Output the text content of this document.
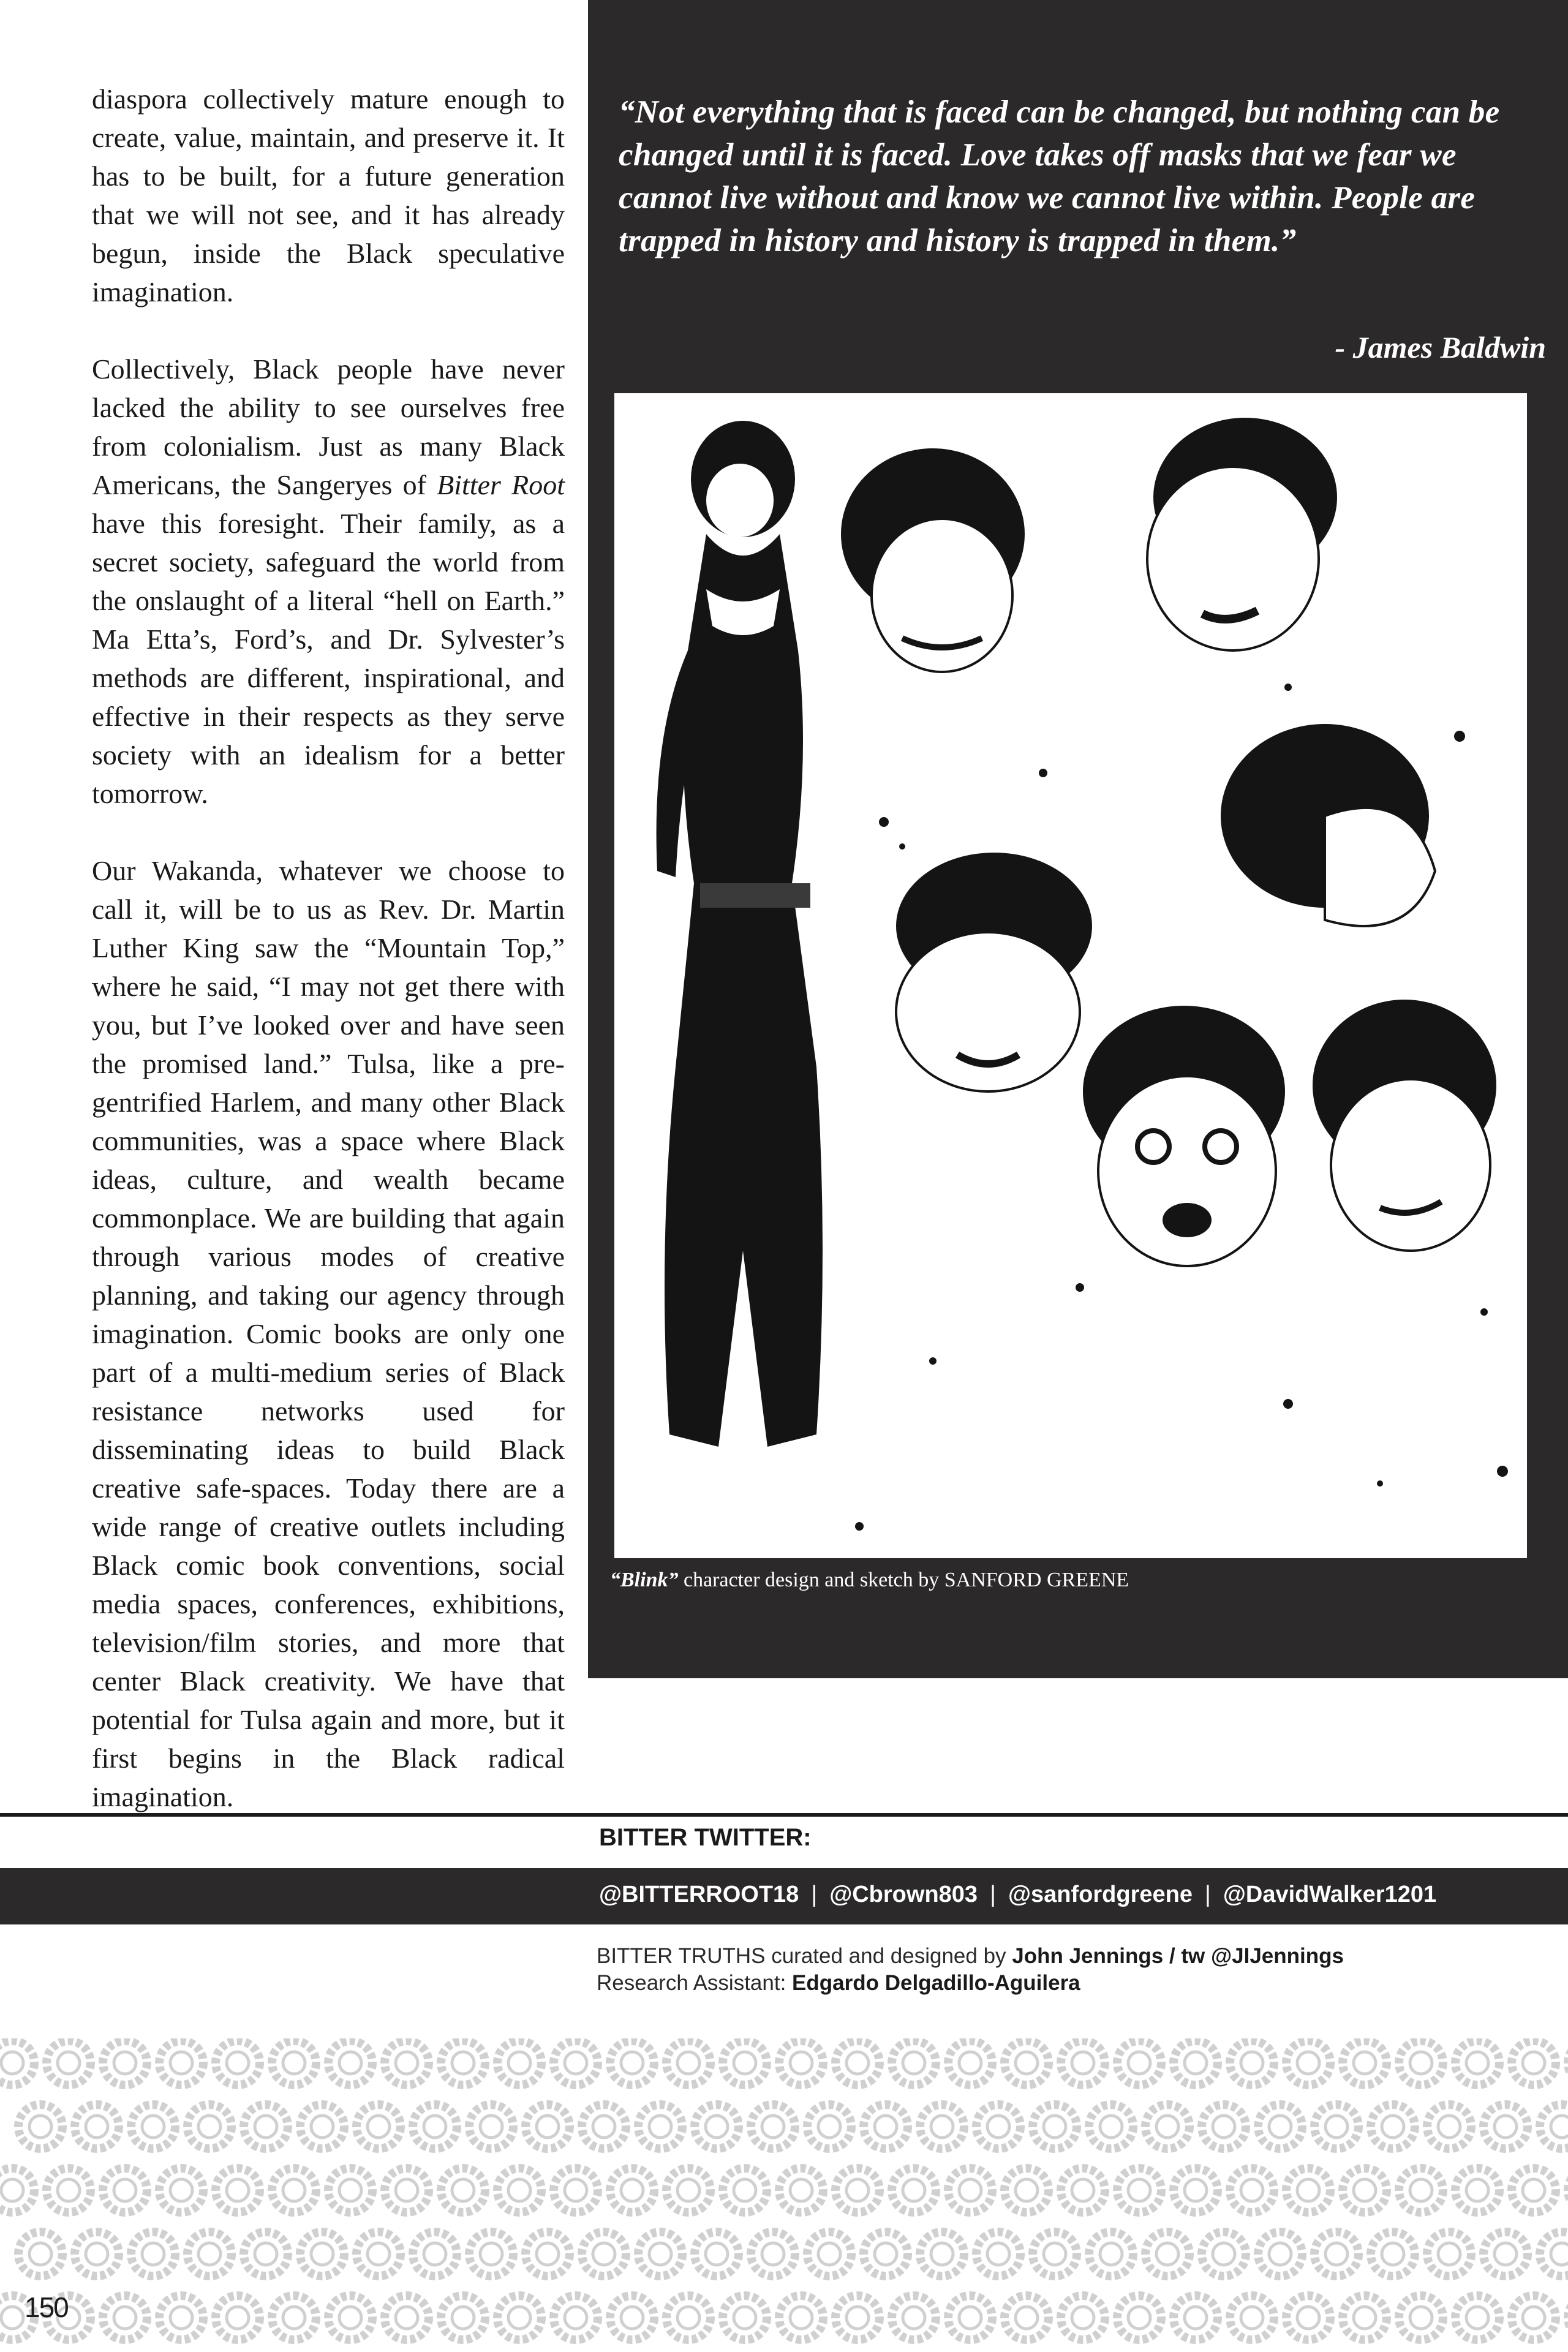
diaspora collectively mature enough to create, value, maintain, and preserve it. It has to be built, for a future generation that we will not see, and it has already begun, inside the Black speculative imagination.

Collectively, Black people have never lacked the ability to see ourselves free from colonialism. Just as many Black Americans, the Sangeryes of Bitter Root have this foresight. Their family, as a secret society, safeguard the world from the onslaught of a literal “hell on Earth.” Ma Etta’s, Ford’s, and Dr. Sylvester’s methods are different, inspirational, and effective in their respects as they serve society with an idealism for a better tomorrow.

Our Wakanda, whatever we choose to call it, will be to us as Rev. Dr. Martin Luther King saw the “Mountain Top,” where he said, “I may not get there with you, but I’ve looked over and have seen the promised land.” Tulsa, like a pre-gentrified Harlem, and many other Black communities, was a space where Black ideas, culture, and wealth became commonplace. We are building that again through various modes of creative planning, and taking our agency through imagination. Comic books are only one part of a multi-medium series of Black resistance networks used for disseminating ideas to build Black creative safe-spaces. Today there are a wide range of creative outlets including Black comic book conventions, social media spaces, conferences, exhibitions, television/film stories, and more that center Black creativity. We have that potential for Tulsa again and more, but it first begins in the Black radical imagination.

“Not everything that is faced can be changed, but nothing can be changed until it is faced. Love takes off masks that we fear we cannot live without and know we cannot live within. People are trapped in history and history is trapped in them.”
- James Baldwin
“Blink” character design and sketch by SANFORD GREENE
BITTER TWITTER:
@BITTERROOT18 | @Cbrown803 | @sanfordgreene | @DavidWalker1201
BITTER TRUTHS curated and designed by John Jennings / tw @JIJennings
Research Assistant: Edgardo Delgadillo-Aguilera
150
